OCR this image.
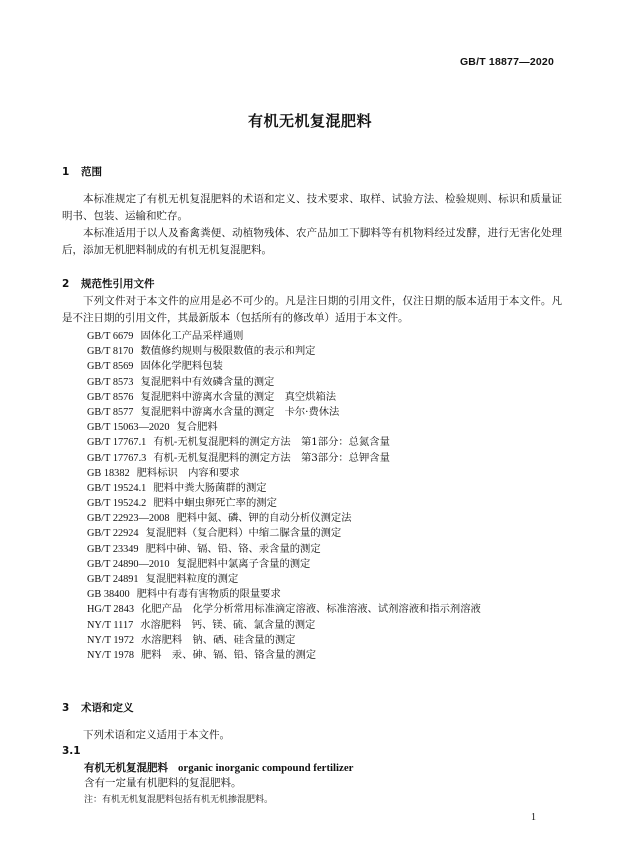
GB/T 18877—2020
有机无机复混肥料
1 范围

本标准规定了有机无机复混肥料的术语和定义、技术要求、取样、试验方法、检验规则、标识和质量证明书、包装、运输和贮存。

本标准适用于以人及畜禽粪便、动植物残体、农产品加工下脚料等有机物料经过发酵，进行无害化处理后，添加无机肥料制成的有机无机复混肥料。

2 规范性引用文件

下列文件对于本文件的应用是必不可少的。凡是注日期的引用文件，仅注日期的版本适用于本文件。凡是不注日期的引用文件，其最新版本（包括所有的修改单）适用于本文件。

GB/T 6679 固体化工产品采样通则
GB/T 8170 数值修约规则与极限数值的表示和判定
GB/T 8569 固体化学肥料包装
GB/T 8573 复混肥料中有效磷含量的测定
GB/T 8576 复混肥料中游离水含量的测定　真空烘箱法
GB/T 8577 复混肥料中游离水含量的测定　卡尔·费休法
GB/T 15063—2020 复合肥料
GB/T 17767.1 有机-无机复混肥料的测定方法　第1部分：总氮含量
GB/T 17767.3 有机-无机复混肥料的测定方法　第3部分：总钾含量
GB 18382 肥料标识　内容和要求
GB/T 19524.1 肥料中粪大肠菌群的测定
GB/T 19524.2 肥料中蛔虫卵死亡率的测定
GB/T 22923—2008 肥料中氮、磷、钾的自动分析仪测定法
GB/T 22924 复混肥料（复合肥料）中缩二脲含量的测定
GB/T 23349 肥料中砷、镉、铅、铬、汞含量的测定
GB/T 24890—2010 复混肥料中氯离子含量的测定
GB/T 24891 复混肥料粒度的测定
GB 38400 肥料中有毒有害物质的限量要求
HG/T 2843 化肥产品　化学分析常用标准滴定溶液、标准溶液、试剂溶液和指示剂溶液
NY/T 1117 水溶肥料　钙、镁、硫、氯含量的测定
NY/T 1972 水溶肥料　钠、硒、硅含量的测定
NY/T 1978 肥料　汞、砷、镉、铅、铬含量的测定
3 术语和定义

下列术语和定义适用于本文件。

3.1
有机无机复混肥料 organic inorganic compound fertilizer
含有一定量有机肥料的复混肥料。
注：有机无机复混肥料包括有机无机掺混肥料。
1
